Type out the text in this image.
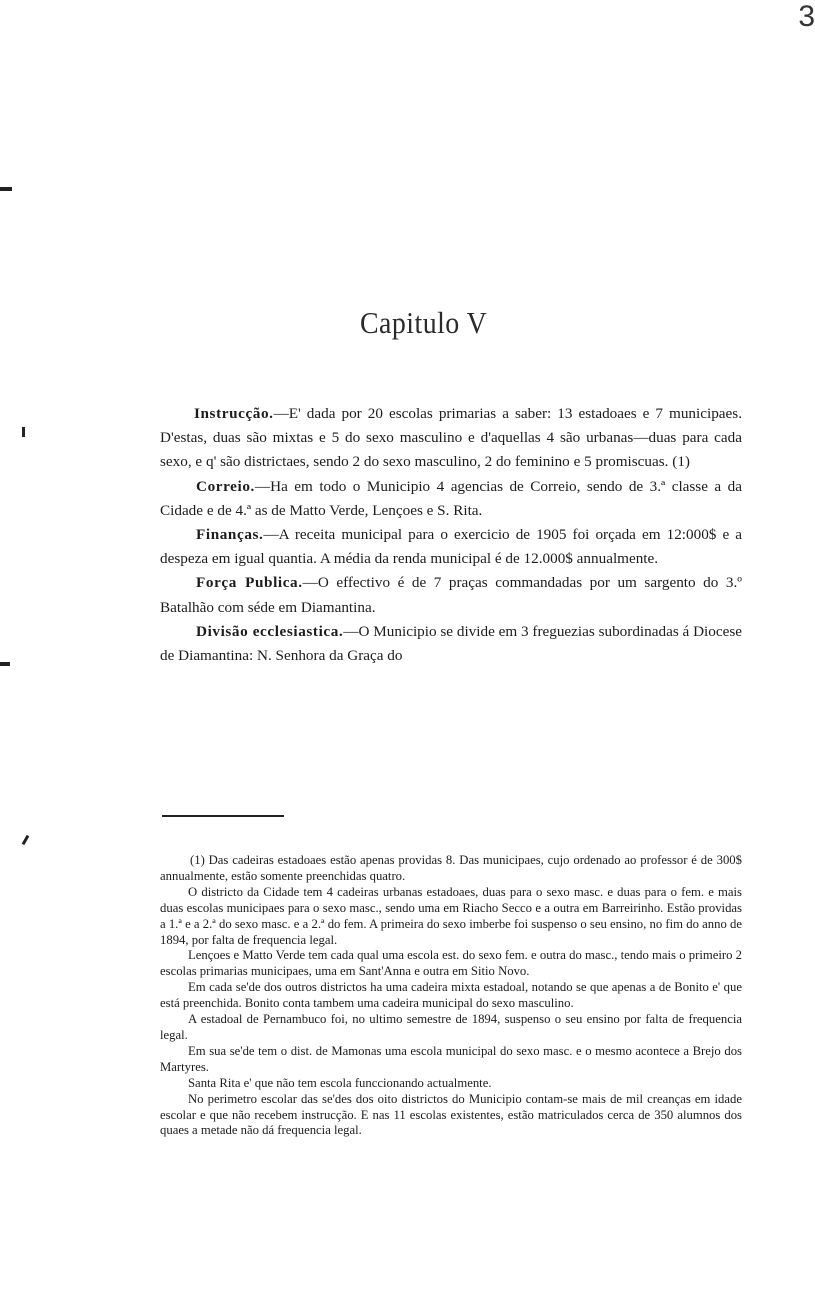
3
Capitulo V

Instrucção.—E' dada por 20 escolas primarias a saber: 13 estadoaes e 7 municipaes. D'estas, duas são mixtas e 5 do sexo masculino e d'aquellas 4 são urbanas—duas para cada sexo, e q' são districtaes, sendo 2 do sexo masculino, 2 do feminino e 5 promiscuas. (1)

Correio.—Ha em todo o Municipio 4 agencias de Correio, sendo de 3.ª classe a da Cidade e de 4.ª as de Matto Verde, Lençoes e S. Rita.

Finanças.—A receita municipal para o exercicio de 1905 foi orçada em 12:000$ e a despeza em igual quantia. A média da renda municipal é de 12.000$ annualmente.

Força Publica.—O effectivo é de 7 praças commandadas por um sargento do 3.º Batalhão com séde em Diamantina.

Divisão ecclesiastica.—O Municipio se divide em 3 freguezias subordinadas á Diocese de Diamantina: N. Senhora da Graça do

(1) Das cadeiras estadoaes estão apenas providas 8. Das municipaes, cujo ordenado ao professor é de 300$ annualmente, estão somente preenchidas quatro.

O districto da Cidade tem 4 cadeiras urbanas estadoaes, duas para o sexo masc. e duas para o fem. e mais duas escolas municipaes para o sexo masc., sendo uma em Riacho Secco e a outra em Barreirinho. Estão providas a 1.ª e a 2.ª do sexo masc. e a 2.ª do fem. A primeira do sexo imberbe foi suspenso o seu ensino, no fim do anno de 1894, por falta de frequencia legal.

Lençoes e Matto Verde tem cada qual uma escola est. do sexo fem. e outra do masc., tendo mais o primeiro 2 escolas primarias municipaes, uma em Sant'Anna e outra em Sitio Novo.

Em cada se'de dos outros districtos ha uma cadeira mixta estadoal, notando se que apenas a de Bonito e' que está preenchida. Bonito conta tambem uma cadeira municipal do sexo masculino.

A estadoal de Pernambuco foi, no ultimo semestre de 1894, suspenso o seu ensino por falta de frequencia legal.

Em sua se'de tem o dist. de Mamonas uma escola municipal do sexo masc. e o mesmo acontece a Brejo dos Martyres.

Santa Rita e' que não tem escola funccionando actualmente.

No perimetro escolar das se'des dos oito districtos do Municipio contam-se mais de mil creanças em idade escolar e que não recebem instrucção. E nas 11 escolas existentes, estão matriculados cerca de 350 alumnos dos quaes a metade não dá frequencia legal.
